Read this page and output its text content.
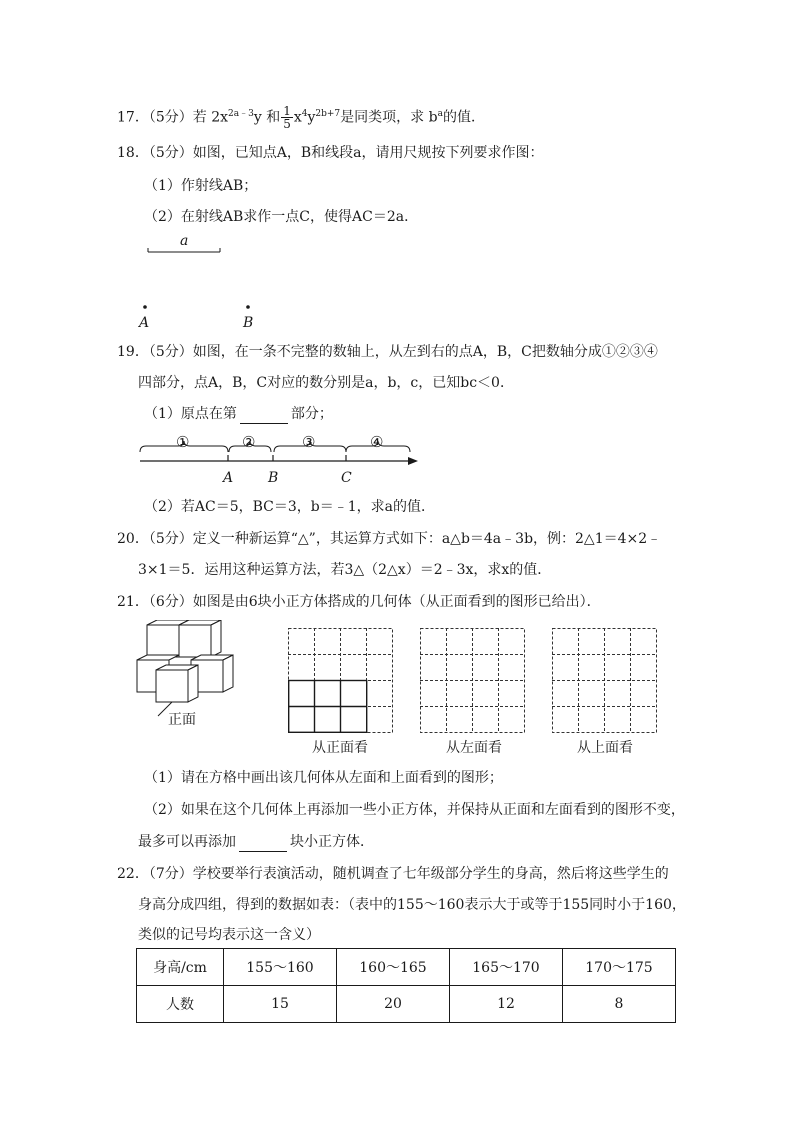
17．（5分）若 $2x^{2a﹣3}y$ 和 $\frac{1}{5} x^4y^{2b+7}$是同类项，求 $b^a$的值．
18．（5分）如图，已知点A，B和线段a，请用尺规按下列要求作图：
（1）作射线AB；
（2）在射线AB求作一点C，使得AC＝2a．
a
A	B
19．（5分）如图，在一条不完整的数轴上，从左到右的点A，B，C把数轴分成①②③④
四部分，点A，B，C对应的数分别是a，b，c，已知bc＜0．
（1）原点在第	部分；
①	②	③	④
A B	C
（2）若AC＝5，BC＝3，b＝﹣1，求a的值．
20．（5分）定义一种新运算“△”，其运算方式如下：a△b＝4a﹣3b，例：2△1＝4×2﹣
3×1＝5．运用这种运算方法，若3△（2△x）＝2﹣3x，求x的值．
21．（6分）如图是由6块小正方体搭成的几何体（从正面看到的图形已给出）．
正面
从正面看	从左面看	从上面看
（1）请在方格中画出该几何体从左面和上面看到的图形；
（2）如果在这个几何体上再添加一些小正方体，并保持从正面和左面看到的图形不变，
最多可以再添加	块小正方体．
22．（7分）学校要举行表演活动，随机调查了七年级部分学生的身高，然后将这些学生的
身高分成四组，得到的数据如表：（表中的155～160表示大于或等于155同时小于160，
类似的记号均表示这一含义）
身高/cm	155～160	160～165	165～170	170～175
人数	15	20	12	8
